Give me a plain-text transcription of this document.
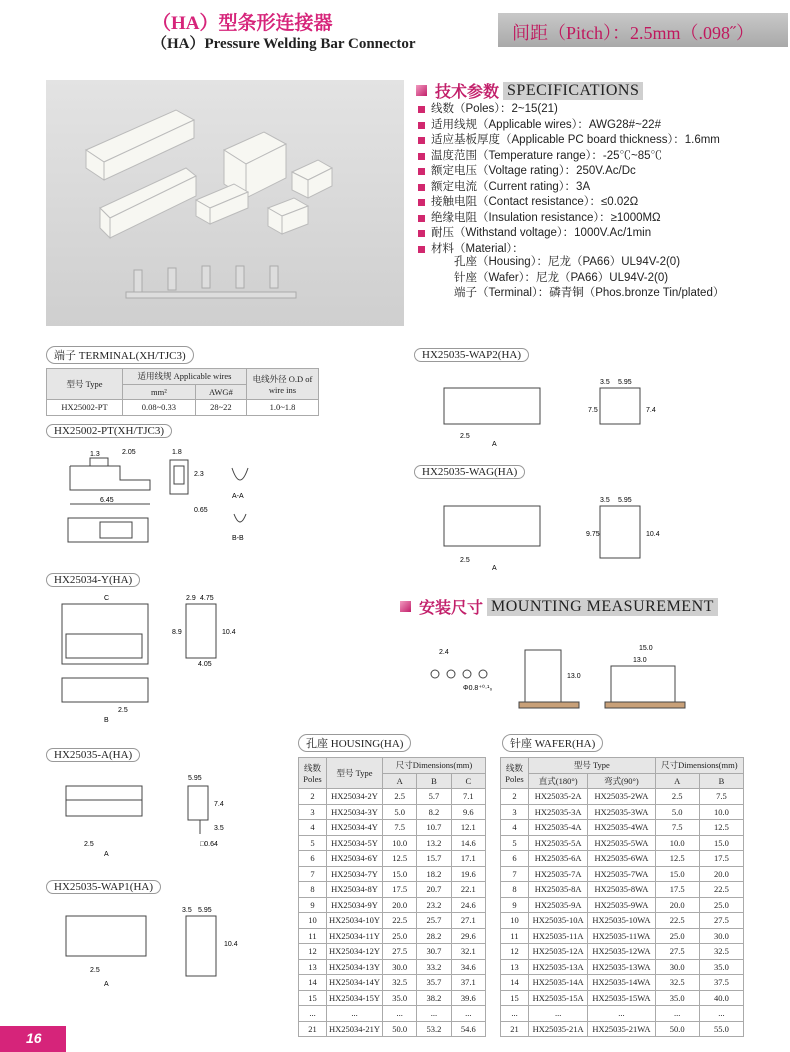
（HA）型条形连接器
（HA）Pressure Welding Bar Connector
间距（Pitch）：2.5mm（.098˝）
技术参数 SPECIFICATIONS
线数（Poles）：2~15(21)
适用线规（Applicable wires）：AWG28#~22#
适应基板厚度（Applicable PC board thickness）：1.6mm
温度范围（Temperature range）：-25℃~85℃
额定电压（Voltage rating）：250V.Ac/Dc
额定电流（Current rating）：3A
接触电阻（Contact resistance）：≤0.02Ω
绝缘电阻（Insulation resistance）：≥1000MΩ
耐压（Withstand voltage）：1000V.Ac/1min
材料（Material）：
孔座（Housing）：尼龙（PA66）UL94V-2(0)
针座（Wafer）：尼龙（PA66）UL94V-2(0)
端子（Terminal）：磷青铜（Phos.bronze Tin/plated）
端子 TERMINAL(XH/TJC3)
型号 Type	适用线规 Applicable wires		电线外径 O.D of wire ins
	mm²	AWG#	
HX25002-PT	0.08~0.33	28~22	1.0~1.8
HX25002-PT(XH/TJC3)
1.3	2.05	1.8
2.3
6.45
0.65
A-A
B-B
HX25034-Y(HA)
C	2.9 4.75
8.9	10.4
4.05
2.5
B
HX25035-A(HA)
5.95
7.4
3.5
2.5
A
□0.64
HX25035-WAP1(HA)
3.5 5.95
10.4
2.5
A
HX25035-WAP2(HA)
3.5 5.95
7.5	7.4
2.5
A
HX25035-WAG(HA)
3.5 5.95
9.75	10.4
2.5
A
安装尺寸 MOUNTING MEASUREMENT
2.4
Φ0.8⁺⁰·¹₀
13.0
15.0
13.0
孔座 HOUSING(HA)
线数 Poles	型号 Type	尺寸Dimensions(mm)		
		A	B	C
2	HX25034-2Y	2.5	5.7	7.1
3	HX25034-3Y	5.0	8.2	9.6
4	HX25034-4Y	7.5	10.7	12.1
5	HX25034-5Y	10.0	13.2	14.6
6	HX25034-6Y	12.5	15.7	17.1
7	HX25034-7Y	15.0	18.2	19.6
8	HX25034-8Y	17.5	20.7	22.1
9	HX25034-9Y	20.0	23.2	24.6
10	HX25034-10Y	22.5	25.7	27.1
11	HX25034-11Y	25.0	28.2	29.6
12	HX25034-12Y	27.5	30.7	32.1
13	HX25034-13Y	30.0	33.2	34.6
14	HX25034-14Y	32.5	35.7	37.1
15	HX25034-15Y	35.0	38.2	39.6
...	...	...	...	...
21	HX25034-21Y	50.0	53.2	54.6
针座 WAFER(HA)
线数 Poles	型号 Type		尺寸Dimensions(mm)	
	直式(180°)	弯式(90°)	A	B
2	HX25035-2A	HX25035-2WA	2.5	7.5
3	HX25035-3A	HX25035-3WA	5.0	10.0
4	HX25035-4A	HX25035-4WA	7.5	12.5
5	HX25035-5A	HX25035-5WA	10.0	15.0
6	HX25035-6A	HX25035-6WA	12.5	17.5
7	HX25035-7A	HX25035-7WA	15.0	20.0
8	HX25035-8A	HX25035-8WA	17.5	22.5
9	HX25035-9A	HX25035-9WA	20.0	25.0
10	HX25035-10A	HX25035-10WA	22.5	27.5
11	HX25035-11A	HX25035-11WA	25.0	30.0
12	HX25035-12A	HX25035-12WA	27.5	32.5
13	HX25035-13A	HX25035-13WA	30.0	35.0
14	HX25035-14A	HX25035-14WA	32.5	37.5
15	HX25035-15A	HX25035-15WA	35.0	40.0
...	...	...	...	...
21	HX25035-21A	HX25035-21WA	50.0	55.0
16
